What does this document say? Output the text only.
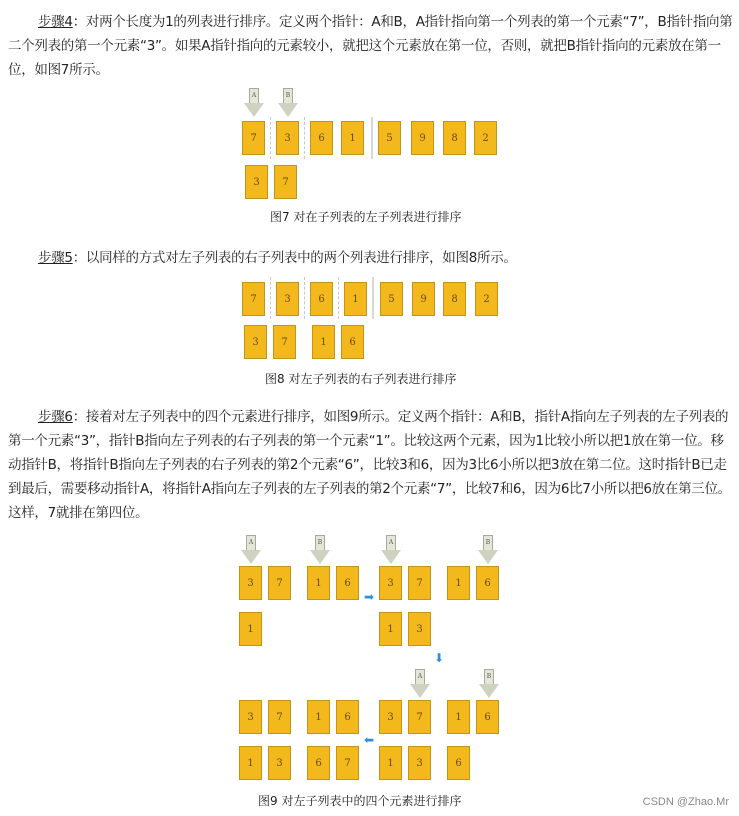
步骤4：对两个长度为1的列表进行排序。定义两个指针：A和B，A指针指向第一个列表的第一个元素“7”，B指针指向第二个列表的第一个元素“3”。如果A指针指向的元素较小，就把这个元素放在第一位，否则，就把B指针指向的元素放在第一位，如图7所示。
A	B
7	3	6	1	5	9	8	2
3	7
图7 对在子列表的左子列表进行排序
步骤5：以同样的方式对左子列表的右子列表中的两个列表进行排序，如图8所示。
7	3	6	1	5	9	8	2
3	7	1	6
图8 对左子列表的右子列表进行排序
步骤6：接着对左子列表中的四个元素进行排序，如图9所示。定义两个指针：A和B，指针A指向左子列表的左子列表的第一个元素“3”，指针B指向左子列表的右子列表的第一个元素“1”。比较这两个元素，因为1比较小所以把1放在第一位。移动指针B，将指针B指向左子列表的右子列表的第2个元素“6”，比较3和6，因为3比6小所以把3放在第二位。这时指针B已走到最后，需要移动指针A，将指针A指向左子列表的左子列表的第2个元素“7”，比较7和6，因为6比7小所以把6放在第三位。这样，7就排在第四位。
A	B
3	7	1	6
1
➡
A	B
3	7	1	6
1	3
⬇
A	B
3	7	1	6
1	3	6
⬅
3	7	1	6
1	3	6	7
图9 对左子列表中的四个元素进行排序	CSDN @Zhao.Mr
